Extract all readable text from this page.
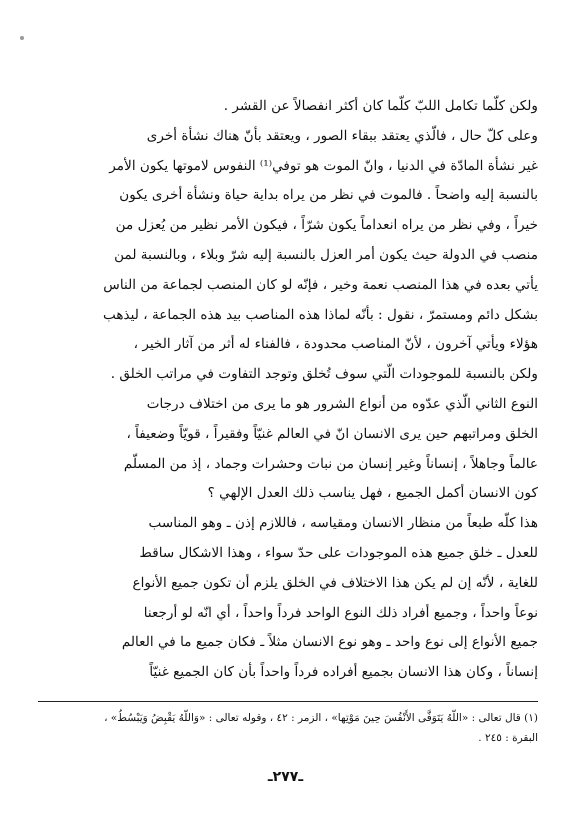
ولكن كلّما تكامل اللبّ كلّما كان أكثر انفصالاً عن القشر .

وعلى كلّ حال ، فالّذي يعتقد ببقاء الصور ، ويعتقد بأنّ هناك نشأة أخرى

غير نشأة المادّة في الدنيا ، وانّ الموت هو توفي⁽¹⁾ النفوس لاموتها يكون الأمر

بالنسبة إليه واضحاً . فالموت في نظر من يراه بداية حياة ونشأة أخرى يكون

خيراً ، وفي نظر من يراه انعداماً يكون شرّاً ، فيكون الأمر نظير من يُعزل من

منصب في الدولة حيث يكون أمر العزل بالنسبة إليه شرّ وبلاء ، وبالنسبة لمن

يأتي بعده في هذا المنصب نعمة وخير ، فإنّه لو كان المنصب لجماعة من الناس

بشكل دائم ومستمرّ ، نقول : بأنّه لماذا هذه المناصب بيد هذه الجماعة ، ليذهب

هؤلاء ويأتي آخرون ، لأنّ المناصب محدودة ، فالفناء له أثر من آثار الخير ،

ولكن بالنسبة للموجودات الّتي سوف تُخلق وتوجد التفاوت في مراتب الخلق .

النوع الثاني الّذي عدّوه من أنواع الشرور هو ما يرى من اختلاف درجات

الخلق ومراتبهم حين يرى الانسان انّ في العالم غنيّاً وفقيراً ، قويّاً وضعيفاً ،

عالماً وجاهلاً ، إنساناً وغير إنسان من نبات وحشرات وجماد ، إذ من المسلّم

كون الانسان أكمل الجميع ، فهل يناسب ذلك العدل الإلهي ؟

هذا كلّه طبعاً من منظار الانسان ومقياسه ، فاللازم إذن ـ وهو المناسب

للعدل ـ خلق جميع هذه الموجودات على حدّ سواء ، وهذا الاشكال ساقط

للغاية ، لأنّه إن لم يكن هذا الاختلاف في الخلق يلزم أن تكون جميع الأنواع

نوعاً واحداً ، وجميع أفراد ذلك النوع الواحد فرداً واحداً ، أي انّه لو أرجعنا

جميع الأنواع إلى نوع واحد ـ وهو نوع الانسان مثلاً ـ فكان جميع ما في العالم

إنساناً ، وكان هذا الانسان بجميع أفراده فرداً واحداً بأن كان الجميع غنيّاً

(١) قال تعالى : «اللّهُ يَتَوَفَّى الأَنْفُسَ حِينَ مَوْتِها» ، الزمر : ٤٢ ، وقوله تعالى : «وَاللّهُ يَقْبِضُ وَيَبْسُطُ» ،
البقرة : ٢٤٥ .
ـ٢٧٧ـ
